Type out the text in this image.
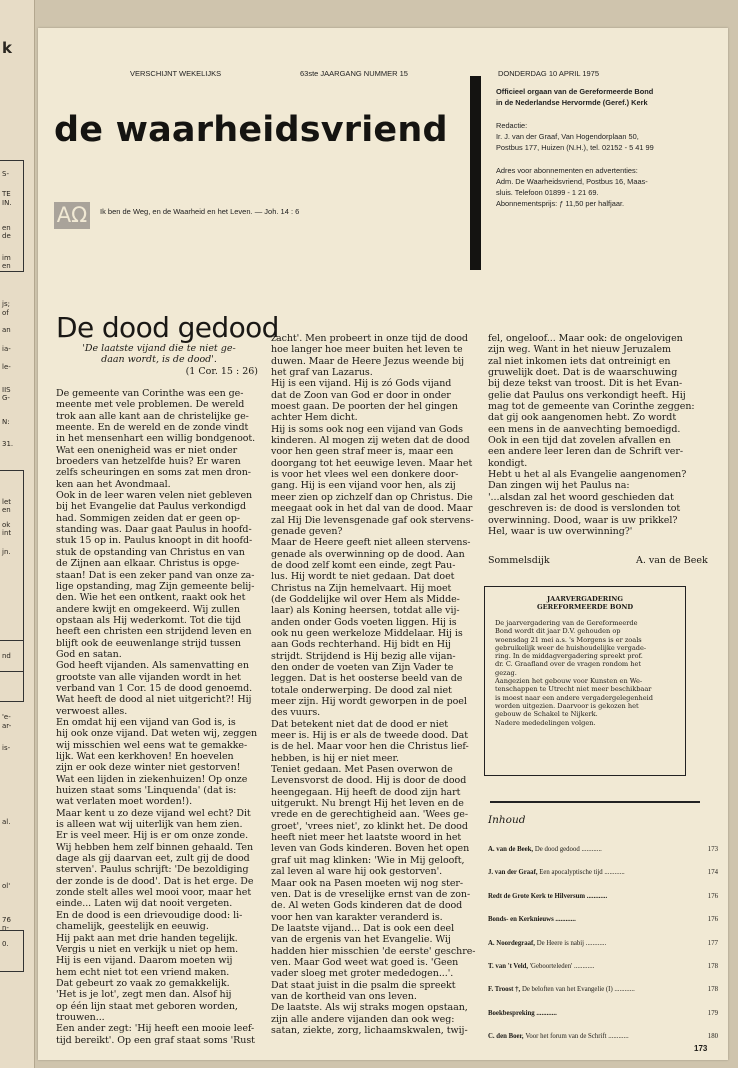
k
S-
TE
IN.
en
de
im
en
js;
of
an
ia-
le-
IIS
G-
N:
31.
let
en
ok
int
jn.
nd
'e-
ar-
is-
al.
ol'
76
n-
0.
VERSCHIJNT WEKELIJKS	63ste JAARGANG NUMMER 15	DONDERDAG 10 APRIL 1975
de waarheidsvriend
AΩ	Ik ben de Weg, en de Waarheid en het Leven. — Joh. 14 : 6
Officieel orgaan van de Gereformeerde Bond
in de Nederlandse Hervormde (Geref.) Kerk
Redactie:
Ir. J. van der Graaf, Van Hogendorplaan 50,
Postbus 177, Huizen (N.H.), tel. 02152 - 5 41 99
Adres voor abonnementen en advertenties:
Adm. De Waarheidsvriend, Postbus 16, Maas-
sluis. Telefoon 01899 - 1 21 69.
Abonnementsprijs: ƒ 11,50 per halfjaar.
De dood gedood
'De laatste vijand die te niet ge-
daan wordt, is de dood'.
(1 Cor. 15 : 26)
De gemeente van Corinthe was een ge-
meente met vele problemen. De wereld
trok aan alle kant aan de christelijke ge-
meente. En de wereld en de zonde vindt
in het mensenhart een willig bondgenoot.
Wat een onenigheid was er niet onder
broeders van hetzelfde huis? Er waren
zelfs scheuringen en soms zat men dron-
ken aan het Avondmaal.
Ook in de leer waren velen niet gebleven
bij het Evangelie dat Paulus verkondigd
had. Sommigen zeiden dat er geen op-
standing was. Daar gaat Paulus in hoofd-
stuk 15 op in. Paulus knoopt in dit hoofd-
stuk de opstanding van Christus en van
de Zijnen aan elkaar. Christus is opge-
staan! Dat is een zeker pand van onze za-
lige opstanding, mag Zijn gemeente belij-
den. Wie het een ontkent, raakt ook het
andere kwijt en omgekeerd. Wij zullen
opstaan als Hij wederkomt. Tot die tijd
heeft een christen een strijdend leven en
blijft ook de eeuwenlange strijd tussen
God en satan.
God heeft vijanden. Als samenvatting en
grootste van alle vijanden wordt in het
verband van 1 Cor. 15 de dood genoemd.
Wat heeft de dood al niet uitgericht?! Hij
verwoest alles.
En omdat hij een vijand van God is, is
hij ook onze vijand. Dat weten wij, zeggen
wij misschien wel eens wat te gemakke-
lijk. Wat een kerkhoven! En hoevelen
zijn er ook deze winter niet gestorven!
Wat een lijden in ziekenhuizen! Op onze
huizen staat soms 'Linquenda' (dat is:
wat verlaten moet worden!).
Maar kent u zo deze vijand wel echt? Dit
is alleen wat wij uiterlijk van hem zien.
Er is veel meer. Hij is er om onze zonde.
Wij hebben hem zelf binnen gehaald. Ten
dage als gij daarvan eet, zult gij de dood
sterven'. Paulus schrijft: 'De bezoldiging
der zonde is de dood'. Dat is het erge. De
zonde stelt alles wel mooi voor, maar het
einde... Laten wij dat nooit vergeten.
En de dood is een drievoudige dood: li-
chamelijk, geestelijk en eeuwig.
Hij pakt aan met drie handen tegelijk.
Vergis u niet en verkijk u niet op hem.
Hij is een vijand. Daarom moeten wij
hem echt niet tot een vriend maken.
Dat gebeurt zo vaak zo gemakkelijk.
'Het is je lot', zegt men dan. Alsof hij
op één lijn staat met geboren worden,
trouwen...
Een ander zegt: 'Hij heeft een mooie leef-
tijd bereikt'. Op een graf staat soms 'Rust
zacht'. Men probeert in onze tijd de dood
hoe langer hoe meer buiten het leven te
duwen. Maar de Heere Jezus weende bij
het graf van Lazarus.
Hij is een vijand. Hij is zó Gods vijand
dat de Zoon van God er door in onder
moest gaan. De poorten der hel gingen
achter Hem dicht.
Hij is soms ook nog een vijand van Gods
kinderen. Al mogen zij weten dat de dood
voor hen geen straf meer is, maar een
doorgang tot het eeuwige leven. Maar het
is voor het vlees wel een donkere door-
gang. Hij is een vijand voor hen, als zij
meer zien op zichzelf dan op Christus. Die
meegaat ook in het dal van de dood. Maar
zal Hij Die levensgenade gaf ook stervens-
genade geven?
Maar de Heere geeft niet alleen stervens-
genade als overwinning op de dood. Aan
de dood zelf komt een einde, zegt Pau-
lus. Hij wordt te niet gedaan. Dat doet
Christus na Zijn hemelvaart. Hij moet
(de Goddelijke wil over Hem als Midde-
laar) als Koning heersen, totdat alle vij-
anden onder Gods voeten liggen. Hij is
ook nu geen werkeloze Middelaar. Hij is
aan Gods rechterhand. Hij bidt en Hij
strijdt. Strijdend is Hij bezig alle vijan-
den onder de voeten van Zijn Vader te
leggen. Dat is het oosterse beeld van de
totale onderwerping. De dood zal niet
meer zijn. Hij wordt geworpen in de poel
des vuurs.
Dat betekent niet dat de dood er niet
meer is. Hij is er als de tweede dood. Dat
is de hel. Maar voor hen die Christus lief-
hebben, is hij er niet meer.
Teniet gedaan. Met Pasen overwon de
Levensvorst de dood. Hij is door de dood
heengegaan. Hij heeft de dood zijn hart
uitgerukt. Nu brengt Hij het leven en de
vrede en de gerechtigheid aan. 'Wees ge-
groet', 'vrees niet', zo klinkt het. De dood
heeft niet meer het laatste woord in het
leven van Gods kinderen. Boven het open
graf uit mag klinken: 'Wie in Mij gelooft,
zal leven al ware hij ook gestorven'.
Maar ook na Pasen moeten wij nog ster-
ven. Dat is de vreselijke ernst van de zon-
de. Al weten Gods kinderen dat de dood
voor hen van karakter veranderd is.
De laatste vijand... Dat is ook een deel
van de ergenis van het Evangelie. Wij
hadden hier misschien 'de eerste' geschre-
ven. Maar God weet wat goed is. 'Geen
vader sloeg met groter mededogen...'.
Dat staat juist in die psalm die spreekt
van de kortheid van ons leven.
De laatste. Als wij straks mogen opstaan,
zijn alle andere vijanden dan ook weg:
satan, ziekte, zorg, lichaamskwalen, twij-
fel, ongeloof... Maar ook: de ongelovigen
zijn weg. Want in het nieuw Jeruzalem
zal niet inkomen iets dat ontreinigt en
gruwelijk doet. Dat is de waarschuwing
bij deze tekst van troost. Dit is het Evan-
gelie dat Paulus ons verkondigt heeft. Hij
mag tot de gemeente van Corinthe zeggen:
dat gij ook aangenomen hebt. Zo wordt
een mens in de aanvechting bemoedigd.
Ook in een tijd dat zovelen afvallen en
een andere leer leren dan de Schrift ver-
kondigt.
Hebt u het al als Evangelie aangenomen?
Dan zingen wij het Paulus na:
'...alsdan zal het woord geschieden dat
geschreven is: de dood is verslonden tot
overwinning. Dood, waar is uw prikkel?
Hel, waar is uw overwinning?'
Sommelsdijk	A. van de Beek
JAARVERGADERING
GEREFORMEERDE BOND
De jaarvergadering van de Gereformeerde
Bond wordt dit jaar D.V. gehouden op
woensdag 21 mei a.s. 's Morgens is er zoals
gebruikelijk weer de huishoudelijke vergade-
ring. In de middagvergadering spreekt prof.
dr. C. Graafland over de vragen rondom het
gezag.
Aangezien het gebouw voor Kunsten en We-
tenschappen te Utrecht niet meer beschikbaar
is moest naar een andere vergadergelegenheid
worden uitgezien. Daarvoor is gekozen het
gebouw de Schakel te Nijkerk.
Nadere mededelingen volgen.
Inhoud
A. van de Beek, De dood gedood ............	173
J. van der Graaf, Een apocalyptische tijd ............	174
Redt de Grote Kerk te Hilversum ............	176
Bonds- en Kerknieuws ............	176
A. Noordegraaf, De Heere is nabij ............	177
T. van 't Veld, 'Geboorteleden' ............	178
F. Troost †, De beloften van het Evangelie (I) ............	178
Boekbespreking ............	179
C. den Boer, Voor het forum van de Schrift ............	180
173
